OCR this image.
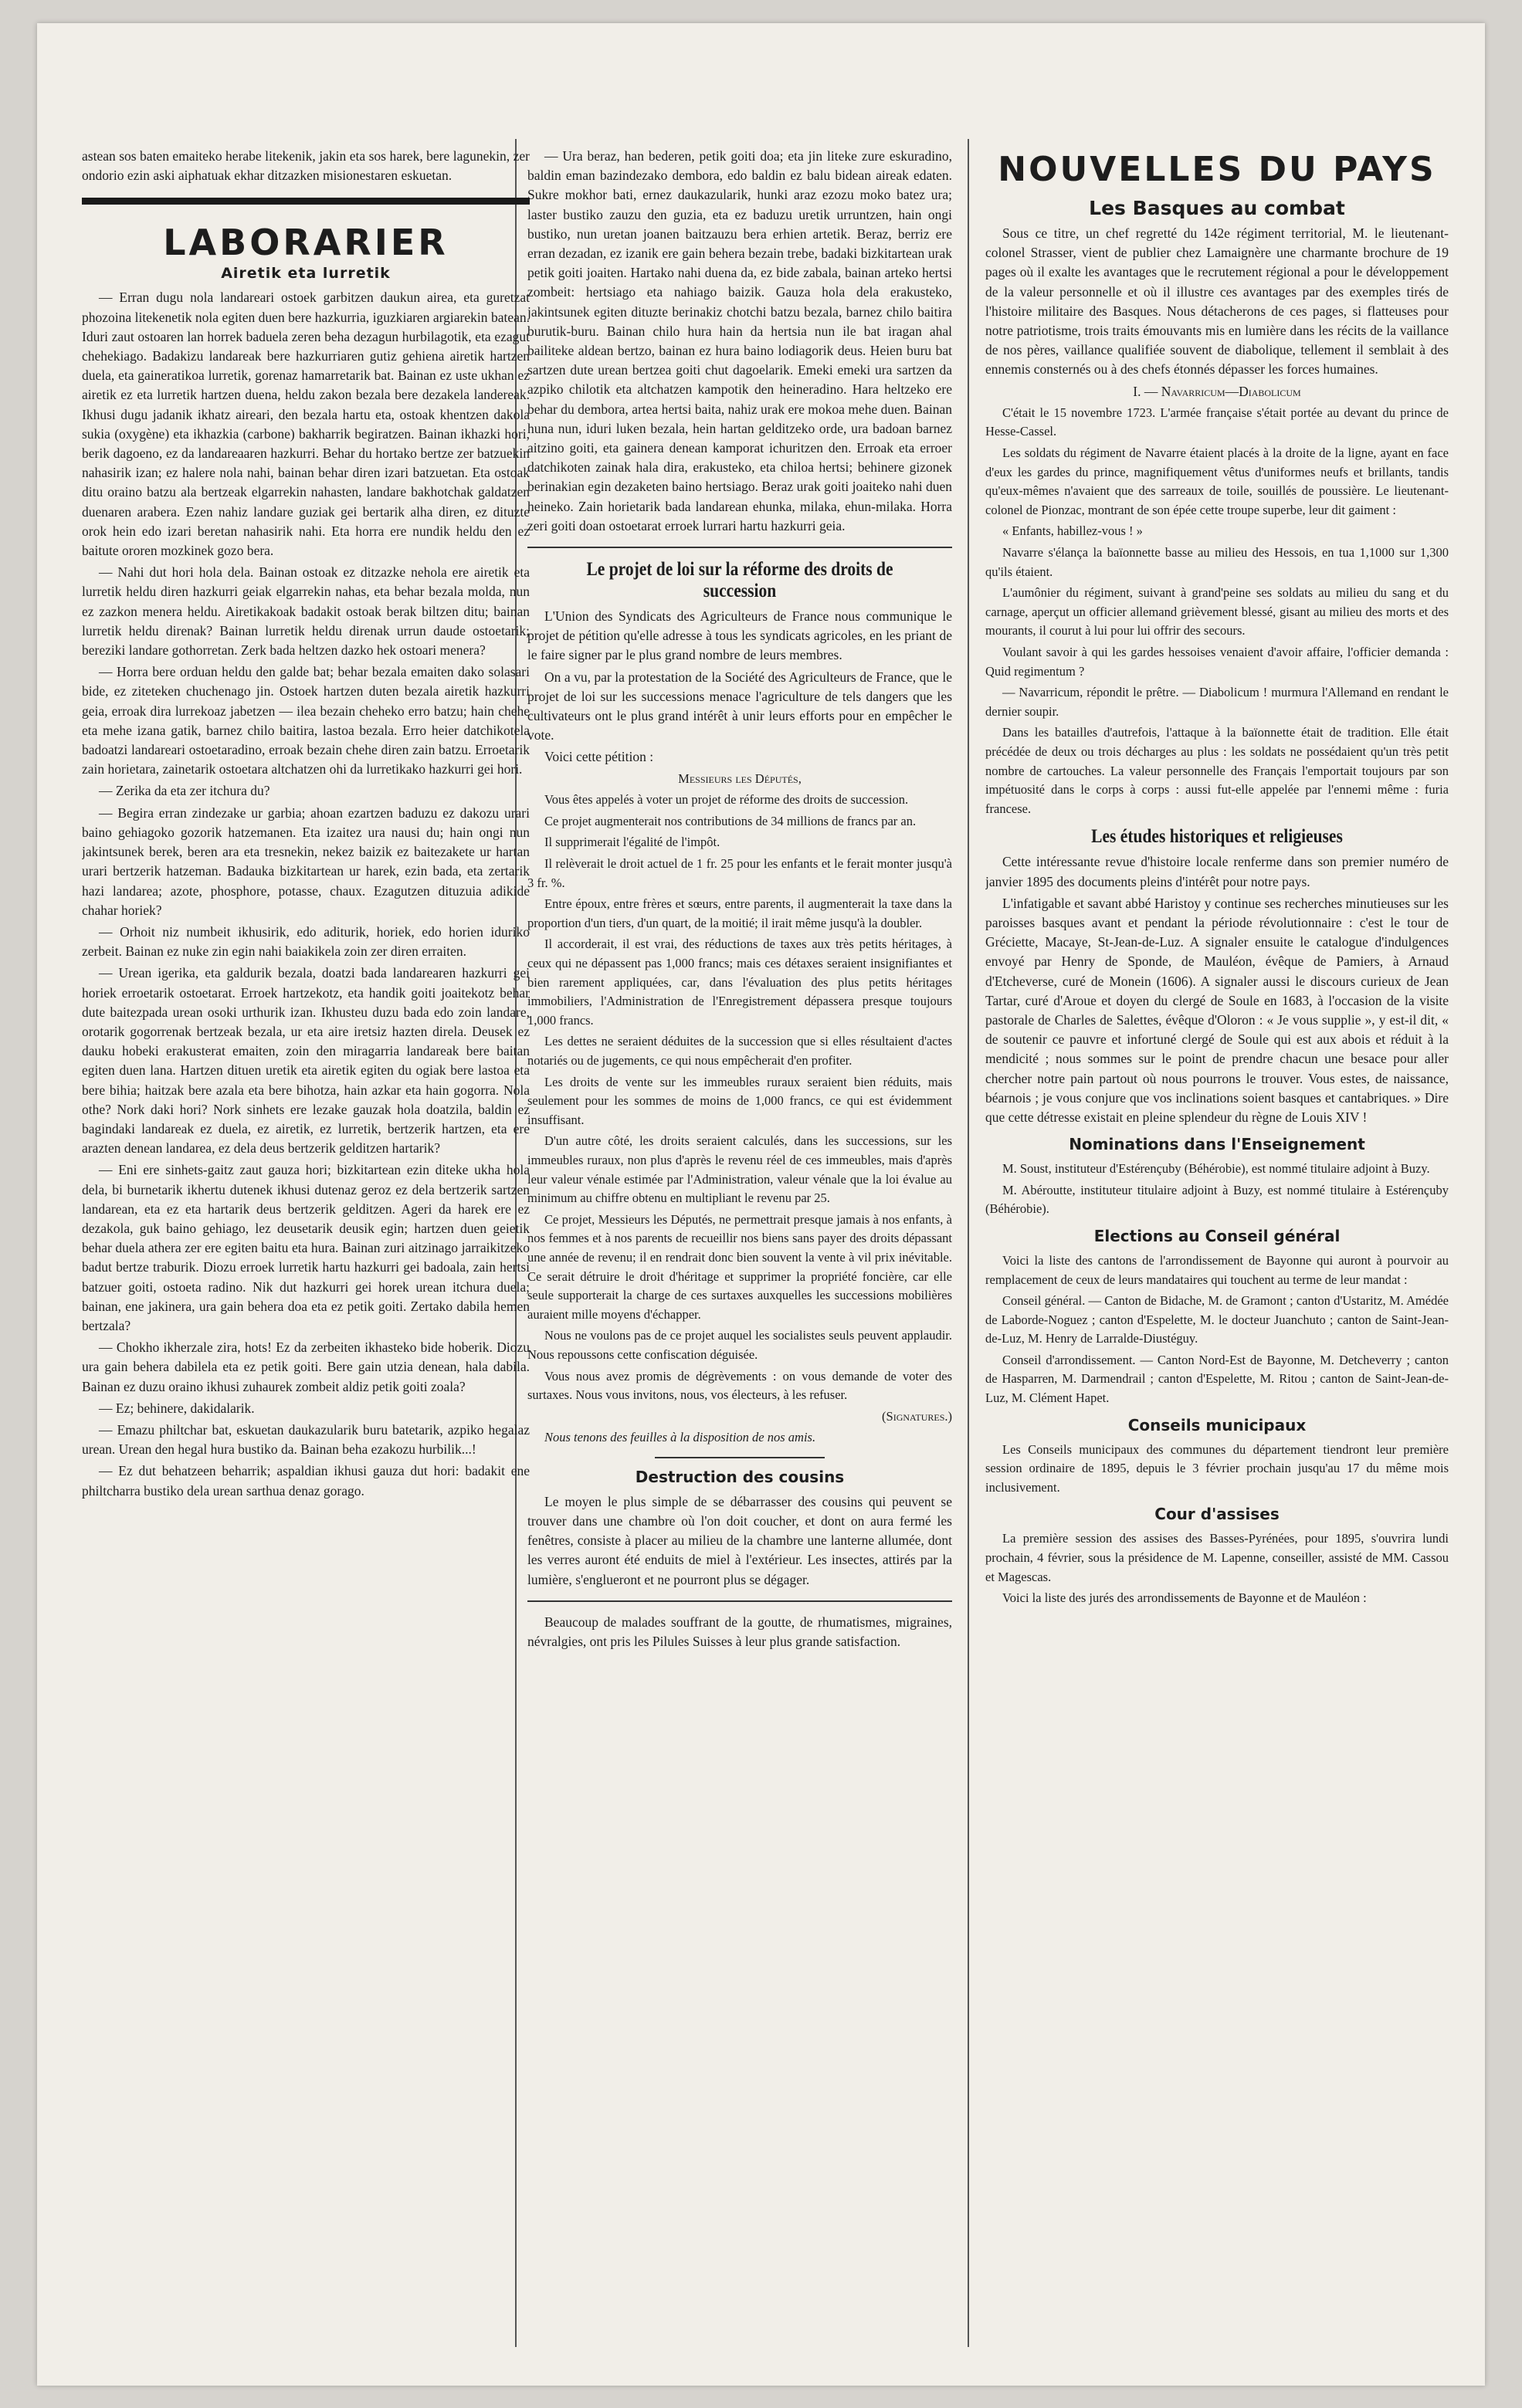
astean sos baten emaiteko herabe litekenik, jakin eta sos harek, bere lagunekin, zer ondorio ezin aski aiphatuak ekhar ditzazken misionestaren eskuetan.

LABORARIER
Airetik eta lurretik

— Erran dugu nola landareari ostoek garbitzen daukun airea, eta guretzat phozoina litekenetik nola egiten duen bere hazkurria, iguzkiaren argiarekin batean. Iduri zaut ostoaren lan horrek baduela zeren beha dezagun hurbilagotik, eta ezagut chehekiago. Badakizu landareak bere hazkurriaren gutiz gehiena airetik hartzen duela, eta gaineratikoa lurretik, gorenaz hamarretarik bat. Bainan ez uste ukhan ez airetik ez eta lurretik hartzen duena, heldu zakon bezala bere dezakela landereak. Ikhusi dugu jadanik ikhatz aireari, den bezala hartu eta, ostoak khentzen dakola sukia (oxygène) eta ikhazkia (carbone) bakharrik begiratzen. Bainan ikhazki hori, berik dagoeno, ez da landareaaren hazkurri. Behar du hortako bertze zer batzuekin nahasirik izan; ez halere nola nahi, bainan behar diren izari batzuetan. Eta ostoak ditu oraino batzu ala bertzeak elgarrekin nahasten, landare bakhotchak galdatzen duenaren arabera. Ezen nahiz landare guziak gei bertarik alha diren, ez dituzte orok hein edo izari beretan nahasirik nahi. Eta horra ere nundik heldu den ez baitute ororen mozkinek gozo bera.

— Nahi dut hori hola dela. Bainan ostoak ez ditzazke nehola ere airetik eta lurretik heldu diren hazkurri geiak elgarrekin nahas, eta behar bezala molda, nun ez zazkon menera heldu. Airetikakoak badakit ostoak berak biltzen ditu; bainan lurretik heldu direnak? Bainan lurretik heldu direnak urrun daude ostoetarik; bereziki landare gothorretan. Zerk bada heltzen dazko hek ostoari menera?

— Horra bere orduan heldu den galde bat; behar bezala emaiten dako solasari bide, ez ziteteken chuchenago jin. Ostoek hartzen duten bezala airetik hazkurri geia, erroak dira lurrekoaz jabetzen — ilea bezain cheheko erro batzu; hain chehe eta mehe izana gatik, barnez chilo baitira, lastoa bezala. Erro heier datchikotela badoatzi landareari ostoetaradino, erroak bezain chehe diren zain batzu. Erroetarik zain horietara, zainetarik ostoetara altchatzen ohi da lurretikako hazkurri gei hori.

— Zerika da eta zer itchura du?

— Begira erran zindezake ur garbia; ahoan ezartzen baduzu ez dakozu urari baino gehiagoko gozorik hatzemanen. Eta izaitez ura nausi du; hain ongi nun jakintsunek berek, beren ara eta tresnekin, nekez baizik ez baitezakete ur hartan urari bertzerik hatzeman. Badauka bizkitartean ur harek, ezin bada, eta zertarik hazi landarea; azote, phosphore, potasse, chaux. Ezagutzen dituzuia adikide chahar horiek?

— Orhoit niz numbeit ikhusirik, edo aditurik, horiek, edo horien iduriko zerbeit. Bainan ez nuke zin egin nahi baiakikela zoin zer diren erraiten.

— Urean igerika, eta galdurik bezala, doatzi bada landarearen hazkurri gei horiek erroetarik ostoetarat. Erroek hartzekotz, eta handik goiti joaitekotz behar dute baitezpada urean osoki urthurik izan. Ikhusteu duzu bada edo zoin landare, orotarik gogorrenak bertzeak bezala, ur eta aire iretsiz hazten direla. Deusek ez dauku hobeki erakusterat emaiten, zoin den miragarria landareak bere baitan egiten duen lana. Hartzen dituen uretik eta airetik egiten du ogiak bere lastoa eta bere bihia; haitzak bere azala eta bere bihotza, hain azkar eta hain gogorra. Nola othe? Nork daki hori? Nork sinhets ere lezake gauzak hola doatzila, baldin ez bagindaki landareak ez duela, ez airetik, ez lurretik, bertzerik hartzen, eta ere arazten denean landarea, ez dela deus bertzerik gelditzen hartarik?

— Eni ere sinhets-gaitz zaut gauza hori; bizkitartean ezin diteke ukha hola dela, bi burnetarik ikhertu dutenek ikhusi dutenaz geroz ez dela bertzerik sartzen landarean, eta ez eta hartarik deus bertzerik gelditzen. Ageri da harek ere ez dezakola, guk baino gehiago, lez deusetarik deusik egin; hartzen duen geietik behar duela athera zer ere egiten baitu eta hura. Bainan zuri aitzinago jarraikitzeko badut bertze traburik. Diozu erroek lurretik hartu hazkurri gei badoala, zain hertsi batzuer goiti, ostoeta radino. Nik dut hazkurri gei horek urean itchura duela; bainan, ene jakinera, ura gain behera doa eta ez petik goiti. Zertako dabila hemen bertzala?

— Chokho ikherzale zira, hots! Ez da zerbeiten ikhasteko bide hoberik. Diozu ura gain behera dabilela eta ez petik goiti. Bere gain utzia denean, hala dabila. Bainan ez duzu oraino ikhusi zuhaurek zombeit aldiz petik goiti zoala?

— Ez; behinere, dakidalarik.

— Emazu philtchar bat, eskuetan daukazularik buru batetarik, azpiko hegalaz urean. Urean den hegal hura bustiko da. Bainan beha ezakozu hurbilik...!

— Ez dut behatzeen beharrik; aspaldian ikhusi gauza dut hori: badakit ene philtcharra bustiko dela urean sarthua denaz gorago.

— Ura beraz, han bederen, petik goiti doa; eta jin liteke zure eskuradino, baldin eman bazindezako dembora, edo baldin ez balu bidean aireak edaten. Sukre mokhor bati, ernez daukazularik, hunki araz ezozu moko batez ura; laster bustiko zauzu den guzia, eta ez baduzu uretik urruntzen, hain ongi bustiko, nun uretan joanen baitzauzu bera erhien artetik. Beraz, berriz ere erran dezadan, ez izanik ere gain behera bezain trebe, badaki bizkitartean urak petik goiti joaiten. Hartako nahi duena da, ez bide zabala, bainan arteko hertsi zombeit: hertsiago eta nahiago baizik. Gauza hola dela erakusteko, jakintsunek egiten dituzte berinakiz chotchi batzu bezala, barnez chilo baitira burutik-buru. Bainan chilo hura hain da hertsia nun ile bat iragan ahal bailiteke aldean bertzo, bainan ez hura baino lodiagorik deus. Heien buru bat sartzen dute urean bertzea goiti chut dagoelarik. Emeki emeki ura sartzen da azpiko chilotik eta altchatzen kampotik den heineradino. Hara heltzeko ere behar du dembora, artea hertsi baita, nahiz urak ere mokoa mehe duen. Bainan huna nun, iduri luken bezala, hein hartan gelditzeko orde, ura badoan barnez aitzino goiti, eta gainera denean kamporat ichuritzen den. Erroak eta erroer datchikoten zainak hala dira, erakusteko, eta chiloa hertsi; behinere gizonek berinakian egin dezaketen baino hertsiago. Beraz urak goiti joaiteko nahi duen heineko. Zain horietarik bada landarean ehunka, milaka, ehun-milaka. Horra zeri goiti doan ostoetarat erroek lurrari hartu hazkurri geia.

Le projet de loi sur la réforme des droits de succession

L'Union des Syndicats des Agriculteurs de France nous communique le projet de pétition qu'elle adresse à tous les syndicats agricoles, en les priant de le faire signer par le plus grand nombre de leurs membres.

On a vu, par la protestation de la Société des Agriculteurs de France, que le projet de loi sur les successions menace l'agriculture de tels dangers que les cultivateurs ont le plus grand intérêt à unir leurs efforts pour en empêcher le vote.

Voici cette pétition :

Messieurs les Députés,

Vous êtes appelés à voter un projet de réforme des droits de succession.

Ce projet augmenterait nos contributions de 34 millions de francs par an.

Il supprimerait l'égalité de l'impôt.

Il relèverait le droit actuel de 1 fr. 25 pour les enfants et le ferait monter jusqu'à 3 fr. %.

Entre époux, entre frères et sœurs, entre parents, il augmenterait la taxe dans la proportion d'un tiers, d'un quart, de la moitié; il irait même jusqu'à la doubler.

Il accorderait, il est vrai, des réductions de taxes aux très petits héritages, à ceux qui ne dépassent pas 1,000 francs; mais ces détaxes seraient insignifiantes et bien rarement appliquées, car, dans l'évaluation des plus petits héritages immobiliers, l'Administration de l'Enregistrement dépassera presque toujours 1,000 francs.

Les dettes ne seraient déduites de la succession que si elles résultaient d'actes notariés ou de jugements, ce qui nous empêcherait d'en profiter.

Les droits de vente sur les immeubles ruraux seraient bien réduits, mais seulement pour les sommes de moins de 1,000 francs, ce qui est évidemment insuffisant.

D'un autre côté, les droits seraient calculés, dans les successions, sur les immeubles ruraux, non plus d'après le revenu réel de ces immeubles, mais d'après leur valeur vénale estimée par l'Administration, valeur vénale que la loi évalue au minimum au chiffre obtenu en multipliant le revenu par 25.

Ce projet, Messieurs les Députés, ne permettrait presque jamais à nos enfants, à nos femmes et à nos parents de recueillir nos biens sans payer des droits dépassant une année de revenu; il en rendrait donc bien souvent la vente à vil prix inévitable. Ce serait détruire le droit d'héritage et supprimer la propriété foncière, car elle seule supporterait la charge de ces surtaxes auxquelles les successions mobilières auraient mille moyens d'échapper.

Nous ne voulons pas de ce projet auquel les socialistes seuls peuvent applaudir. Nous repoussons cette confiscation déguisée.

Vous nous avez promis de dégrèvements : on vous demande de voter des surtaxes. Nous vous invitons, nous, vos électeurs, à les refuser.

(Signatures.)

Nous tenons des feuilles à la disposition de nos amis.

Destruction des cousins

Le moyen le plus simple de se débarrasser des cousins qui peuvent se trouver dans une chambre où l'on doit coucher, et dont on aura fermé les fenêtres, consiste à placer au milieu de la chambre une lanterne allumée, dont les verres auront été enduits de miel à l'extérieur. Les insectes, attirés par la lumière, s'englueront et ne pourront plus se dégager.

Beaucoup de malades souffrant de la goutte, de rhumatismes, migraines, névralgies, ont pris les Pilules Suisses à leur plus grande satisfaction.

NOUVELLES DU PAYS
Les Basques au combat

Sous ce titre, un chef regretté du 142e régiment territorial, M. le lieutenant-colonel Strasser, vient de publier chez Lamaignère une charmante brochure de 19 pages où il exalte les avantages que le recrutement régional a pour le développement de la valeur personnelle et où il illustre ces avantages par des exemples tirés de l'histoire militaire des Basques. Nous détacherons de ces pages, si flatteuses pour notre patriotisme, trois traits émouvants mis en lumière dans les récits de la vaillance de nos pères, vaillance qualifiée souvent de diabolique, tellement il semblait à des ennemis consternés ou à des chefs étonnés dépasser les forces humaines.

I. — Navarricum—Diabolicum

C'était le 15 novembre 1723. L'armée française s'était portée au devant du prince de Hesse-Cassel.

Les soldats du régiment de Navarre étaient placés à la droite de la ligne, ayant en face d'eux les gardes du prince, magnifiquement vêtus d'uniformes neufs et brillants, tandis qu'eux-mêmes n'avaient que des sarreaux de toile, souillés de poussière. Le lieutenant-colonel de Pionzac, montrant de son épée cette troupe superbe, leur dit gaiment :

« Enfants, habillez-vous ! »

Navarre s'élança la baïonnette basse au milieu des Hessois, en tua 1,1000 sur 1,300 qu'ils étaient.

L'aumônier du régiment, suivant à grand'peine ses soldats au milieu du sang et du carnage, aperçut un officier allemand grièvement blessé, gisant au milieu des morts et des mourants, il courut à lui pour lui offrir des secours.

Voulant savoir à qui les gardes hessoises venaient d'avoir affaire, l'officier demanda : Quid regimentum ?

— Navarricum, répondit le prêtre. — Diabolicum ! murmura l'Allemand en rendant le dernier soupir.

Dans les batailles d'autrefois, l'attaque à la baïonnette était de tradition. Elle était précédée de deux ou trois décharges au plus : les soldats ne possédaient qu'un très petit nombre de cartouches. La valeur personnelle des Français l'emportait toujours par son impétuosité dans le corps à corps : aussi fut-elle appelée par l'ennemi même : furia francese.

Les études historiques et religieuses

Cette intéressante revue d'histoire locale renferme dans son premier numéro de janvier 1895 des documents pleins d'intérêt pour notre pays.

L'infatigable et savant abbé Haristoy y continue ses recherches minutieuses sur les paroisses basques avant et pendant la période révolutionnaire : c'est le tour de Gréciette, Macaye, St-Jean-de-Luz. A signaler ensuite le catalogue d'indulgences envoyé par Henry de Sponde, de Mauléon, évêque de Pamiers, à Arnaud d'Etcheverse, curé de Monein (1606). A signaler aussi le discours curieux de Jean Tartar, curé d'Aroue et doyen du clergé de Soule en 1683, à l'occasion de la visite pastorale de Charles de Salettes, évêque d'Oloron : « Je vous supplie », y est-il dit, « de soutenir ce pauvre et infortuné clergé de Soule qui est aux abois et réduit à la mendicité ; nous sommes sur le point de prendre chacun une besace pour aller chercher notre pain partout où nous pourrons le trouver. Vous estes, de naissance, béarnois ; je vous conjure que vos inclinations soient basques et cantabriques. » Dire que cette détresse existait en pleine splendeur du règne de Louis XIV !

Nominations dans l'Enseignement

M. Soust, instituteur d'Estérençuby (Béhérobie), est nommé titulaire adjoint à Buzy.

M. Abéroutte, instituteur titulaire adjoint à Buzy, est nommé titulaire à Estérençuby (Béhérobie).

Elections au Conseil général

Voici la liste des cantons de l'arrondissement de Bayonne qui auront à pourvoir au remplacement de ceux de leurs mandataires qui touchent au terme de leur mandat :

Conseil général. — Canton de Bidache, M. de Gramont ; canton d'Ustaritz, M. Amédée de Laborde-Noguez ; canton d'Espelette, M. le docteur Juanchuto ; canton de Saint-Jean-de-Luz, M. Henry de Larralde-Diustéguy.

Conseil d'arrondissement. — Canton Nord-Est de Bayonne, M. Detcheverry ; canton de Hasparren, M. Darmendrail ; canton d'Espelette, M. Ritou ; canton de Saint-Jean-de-Luz, M. Clément Hapet.

Conseils municipaux

Les Conseils municipaux des communes du département tiendront leur première session ordinaire de 1895, depuis le 3 février prochain jusqu'au 17 du même mois inclusivement.

Cour d'assises

La première session des assises des Basses-Pyrénées, pour 1895, s'ouvrira lundi prochain, 4 février, sous la présidence de M. Lapenne, conseiller, assisté de MM. Cassou et Magescas.

Voici la liste des jurés des arrondissements de Bayonne et de Mauléon :
